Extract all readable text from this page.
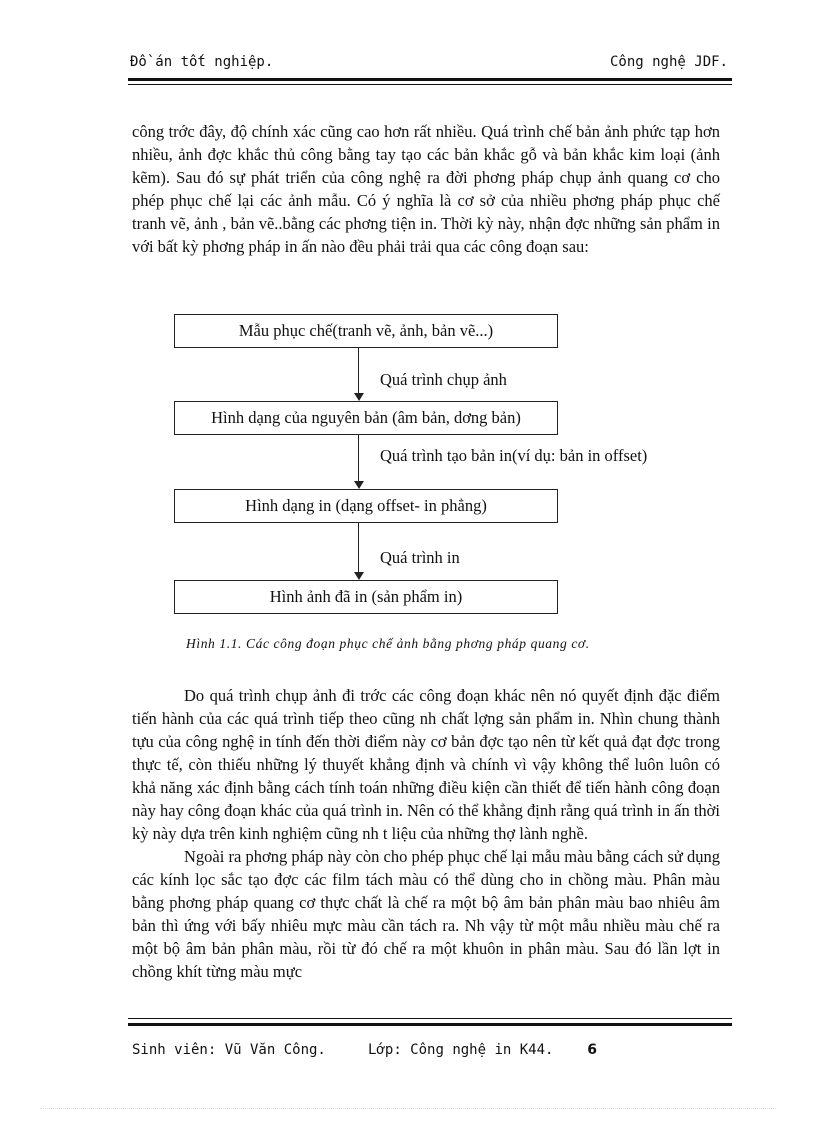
Đồ án tốt nghiệp.	Công nghệ JDF.

công trớc đây, độ chính xác cũng cao hơn rất nhiều. Quá trình chế bản ảnh phức tạp hơn nhiều, ảnh đợc khắc thủ công bằng tay tạo các bản khắc gỗ và bản khắc kim loại (ảnh kẽm). Sau đó sự phát triển của công nghệ ra đời phơng pháp chụp ảnh quang cơ cho phép phục chế lại các ảnh mẫu. Có ý nghĩa là cơ sở của nhiều phơng pháp phục chế tranh vẽ, ảnh , bản vẽ..bằng các phơng tiện in. Thời kỳ này, nhận đợc những sản phẩm in với bất kỳ phơng pháp in ấn nào đều phải trải qua các công đoạn sau:

Mẫu phục chế(tranh vẽ, ảnh, bản vẽ...)
Quá trình chụp ảnh
Hình dạng của nguyên bản (âm bản, dơng bản)
Quá trình tạo bản in(ví dụ: bản in offset)
Hình dạng in (dạng offset- in phẳng)
Quá trình in
Hình ảnh đã in (sản phẩm in)
Hình 1.1. Các công đoạn phục chế ảnh bằng phơng pháp quang cơ.

Do quá trình chụp ảnh đi trớc các công đoạn khác nên nó quyết định đặc điểm tiến hành của các quá trình tiếp theo cũng nh chất lợng sản phẩm in. Nhìn chung thành tựu của công nghệ in tính đến thời điểm này cơ bản đợc tạo nên từ kết quả đạt đợc trong thực tế, còn thiếu những lý thuyết khẳng định và chính vì vậy không thể luôn luôn có khả năng xác định bằng cách tính toán những điều kiện cần thiết để tiến hành công đoạn này hay công đoạn khác của quá trình in. Nên có thể khẳng định rằng quá trình in ấn thời kỳ này dựa trên kinh nghiệm cũng nh t liệu của những thợ lành nghề.

Ngoài ra phơng pháp này còn cho phép phục chế lại mẫu màu bằng cách sử dụng các kính lọc sắc tạo đợc các film tách màu có thể dùng cho in chồng màu. Phân màu bằng phơng pháp quang cơ thực chất là chế ra một bộ âm bản phân màu bao nhiêu âm bản thì ứng với bấy nhiêu mực màu cần tách ra. Nh vậy từ một mẫu nhiều màu chế ra một bộ âm bản phân màu, rồi từ đó chế ra một khuôn in phân màu. Sau đó lần lợt in chồng khít từng màu mực

Sinh viên: Vũ Văn Công.	Lớp: Công nghệ in K44. 6
